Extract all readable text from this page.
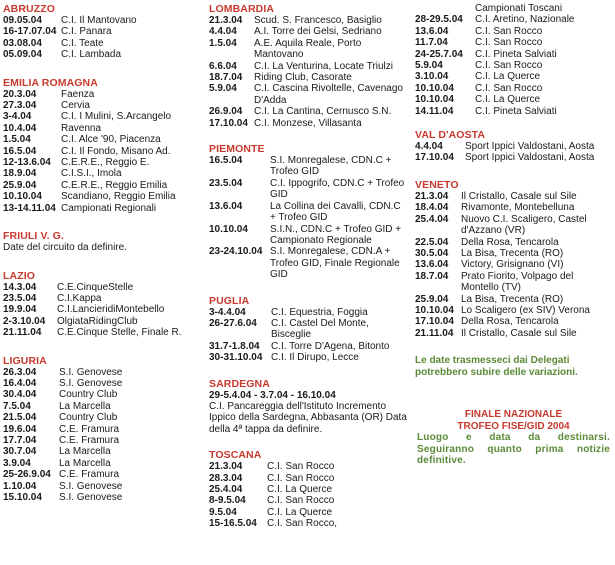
ABRUZZO
09.05.04	C.I. Il Mantovano
16-17.07.04 C.I. Panara
03.08.04	C.I. Teate
05.09.04	C.I. Lambada
EMILIA ROMAGNA
20.3.04	Faenza
27.3.04	Cervia
3-4.04	C.I. I Mulini, S.Arcangelo
10.4.04	Ravenna
1.5.04	C.I. Alce '90, Piacenza
16.5.04	C.I. Il Fondo, Misano Ad.
12-13.6.04	C.E.R.E., Reggio E.
18.9.04	C.I.S.I., Imola
25.9.04	C.E.R.E., Reggio Emilia
10.10.04	Scandiano, Reggio Emilia
13-14.11.04 Campionati Regionali
FRIULI V. G.
Date del circuito da definire.
LAZIO
14.3.04	C.E.CinqueStelle
23.5.04	C.I.Kappa
19.9.04	C.I.LancieridiMontebello
2-3.10.04	OlgiataRidingClub
21.11.04	C.E.Cinque Stelle, Finale R.
LIGURIA
26.3.04	S.I. Genovese
16.4.04	S.I. Genovese
30.4.04	Country Club
7.5.04	La Marcella
21.5.04	Country Club
19.6.04	C.E. Framura
17.7.04	C.E. Framura
30.7.04	La Marcella
3.9.04	La Marcella
25-26.9.04 C.E. Framura
1.10.04	S.I. Genovese
15.10.04	S.I. Genovese
LOMBARDIA
21.3.04	Scud. S. Francesco, Basiglio
4.4.04	A.I. Torre dei Gelsi, Sedriano
1.5.04	A.E. Aquila Reale, Porto Mantovano
6.6.04	C.I. La Venturina, Locate Triulzi
18.7.04	Riding Club, Casorate
5.9.04	C.I. Cascina Rivoltelle, Cavenago D'Adda
26.9.04	C.I. La Cantina, Cernusco S.N.
17.10.04 C.I. Monzese, Villasanta
PIEMONTE
16.5.04	S.I. Monregalese, CDN.C + Trofeo GID
23.5.04	C.I. Ippogrifo, CDN.C + Trofeo GID
13.6.04	La Collina dei Cavalli, CDN.C + Trofeo GID
10.10.04	S.I.N., CDN.C + Trofeo GID + Campionato Regionale
23-24.10.04 S.I. Monregalese, CDN.A + Trofeo GID, Finale Regionale GID
PUGLIA
3-4.4.04	C.I. Equestria, Foggia
26-27.6.04	C.I. Castel Del Monte, Bisceglie
31.7-1.8.04	C.I. Torre D'Agena, Bitonto
30-31.10.04 C.I. Il Dirupo, Lecce
SARDEGNA
29-5.4.04 - 3.7.04 - 16.10.04
C.I. Pancareggia dell'Istituto Incremento Ippico della Sardegna, Abbasanta (OR) Data della 4ª tappa da definire.
TOSCANA
21.3.04	C.I. San Rocco
28.3.04	C.I. San Rocco
25.4.04	C.I. La Querce
8-9.5.04	C.I. San Rocco
9.5.04	C.I. La Querce
15-16.5.04	C.I. San Rocco,
Campionati Toscani
28-29.5.04	C.I. Aretino, Nazionale
13.6.04	C.I. San Rocco
11.7.04	C.I. San Rocco
24-25.7.04	C.I. Pineta Salviati
5.9.04	C.I. San Rocco
3.10.04	C.I. La Querce
10.10.04	C.I. San Rocco
10.10.04	C.I. La Querce
14.11.04	C.I. Pineta Salviati
VAL D'AOSTA
4.4.04	Sport Ippici Valdostani, Aosta
17.10.04	Sport Ippici Valdostani, Aosta
VENETO
21.3.04	Il Cristallo, Casale sul Sile
18.4.04	Rivamonte, Montebelluna
25.4.04	Nuovo C.I. Scaligero, Castel d'Azzano (VR)
22.5.04	Della Rosa, Tencarola
30.5.04	La Bisa, Trecenta (RO)
13.6.04	Victory, Grisignano (VI)
18.7.04	Prato Fiorito, Volpago del Montello (TV)
25.9.04	La Bisa, Trecenta (RO)
10.10.04 Lo Scaligero (ex SIV) Verona
17.10.04 Della Rosa, Tencarola
21.11.04 Il Cristallo, Casale sul Sile
Le date trasmesseci dai Delegati potrebbero subire delle variazioni.
FINALE NAZIONALE
TROFEO FISE/GID 2004
Luogo e data da destinarsi. Seguiranno quanto prima notizie definitive.
